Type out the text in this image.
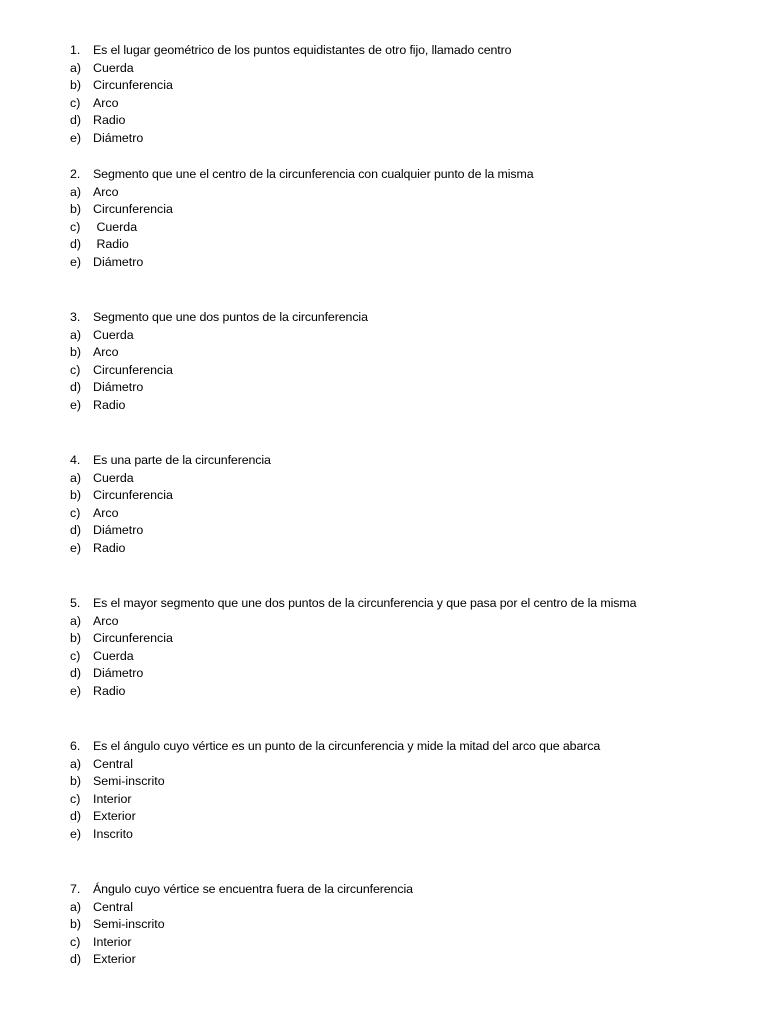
1.	Es el lugar geométrico de los puntos equidistantes de otro fijo, llamado centro
a) Cuerda
b) Circunferencia
c)	Arco
d) Radio
e) Diámetro
2.	Segmento que une el centro de la circunferencia con cualquier punto de la misma
a) Arco
b) Circunferencia
c)	Cuerda
d) Radio
e) Diámetro
3.	Segmento que une dos puntos de la circunferencia
a) Cuerda
b) Arco
c)	Circunferencia
d) Diámetro
e) Radio
4.	Es una parte de la circunferencia
a) Cuerda
b) Circunferencia
c)	Arco
d) Diámetro
e) Radio
5.	Es el mayor segmento que une dos puntos de la circunferencia y que pasa por el centro de la misma
a) Arco
b) Circunferencia
c)	Cuerda
d) Diámetro
e) Radio
6.	Es el ángulo cuyo vértice es un punto de la circunferencia y mide la mitad del arco que abarca
a) Central
b) Semi-inscrito
c)	Interior
d) Exterior
e) Inscrito
7.	Ángulo cuyo vértice se encuentra fuera de la circunferencia
a) Central
b) Semi-inscrito
c)	Interior
d) Exterior
